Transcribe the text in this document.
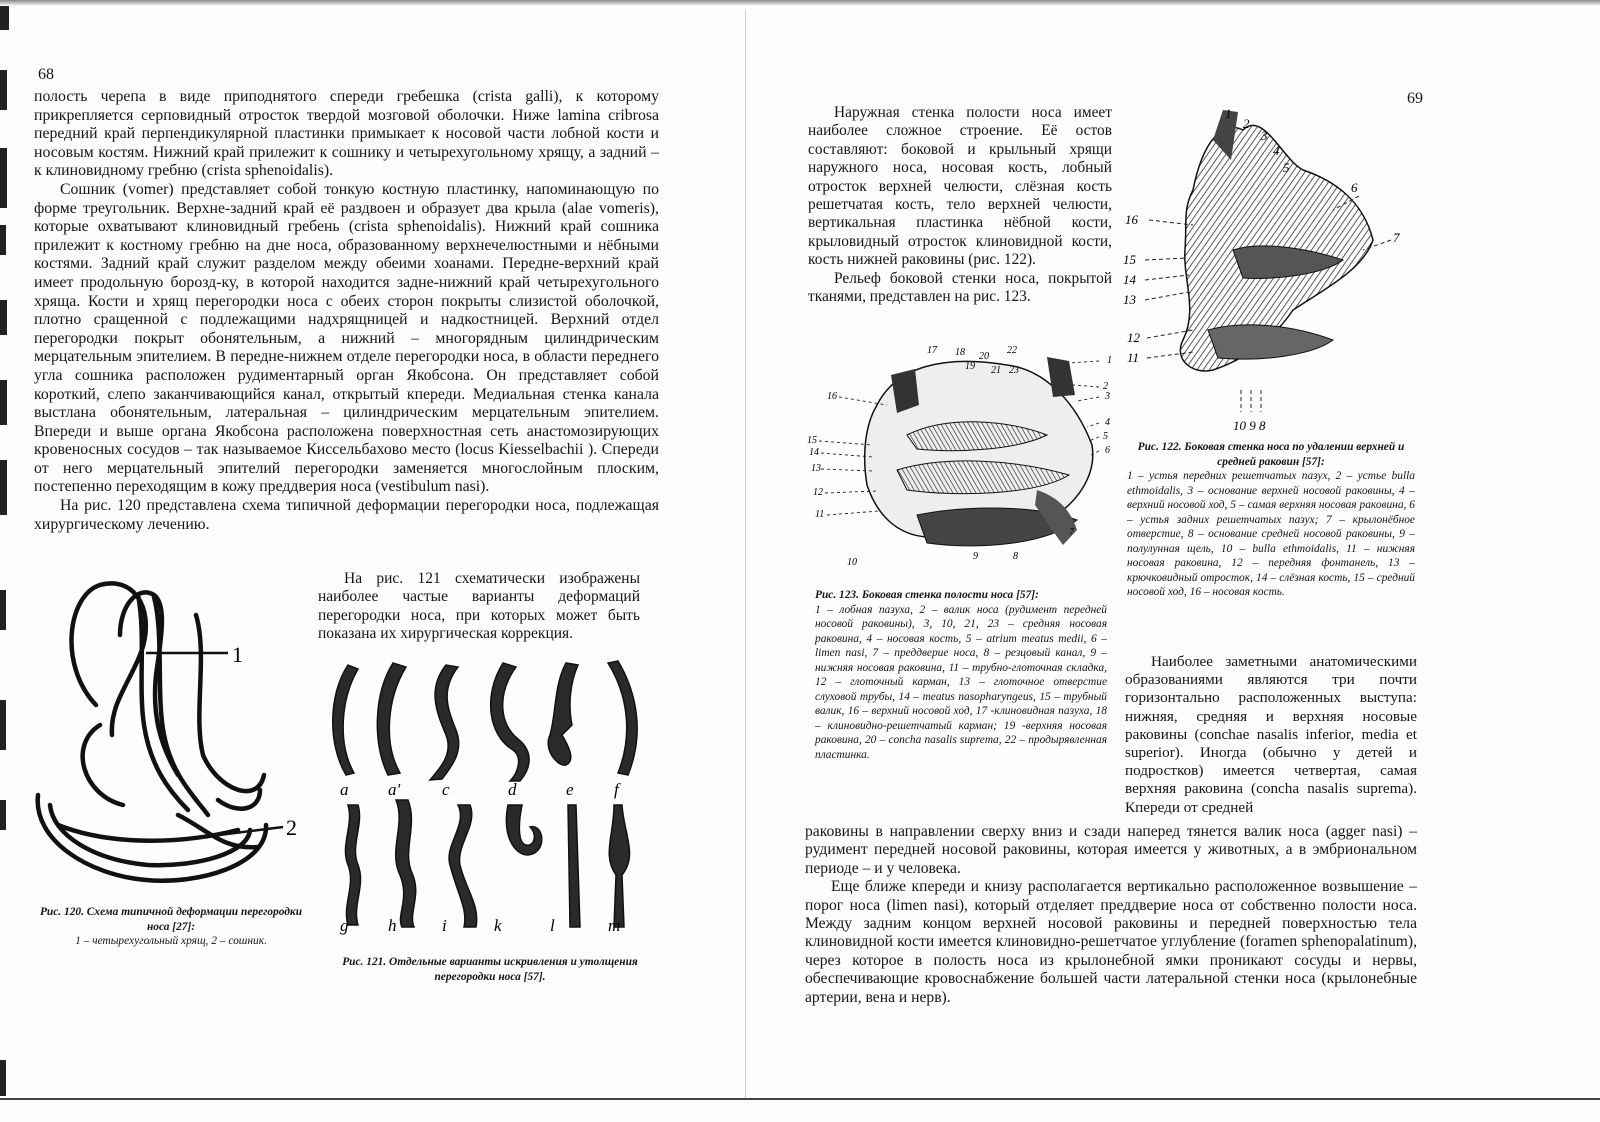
68

полость черепа в виде приподнятого спереди гребешка (crista galli), к которому прикрепляется серповидный отросток твердой мозговой оболочки. Ниже lamina cribrosa передний край перпендикулярной пластинки примыкает к носовой части лобной кости и носовым костям. Нижний край прилежит к сошнику и четырехугольному хрящу, а задний – к клиновидному гребню (crista sphenoidalis).

Сошник (vomer) представляет собой тонкую костную пластинку, напоминающую по форме треугольник. Верхне-задний край её раздвоен и образует два крыла (alae vomeris), которые охватывают клиновидный гребень (crista sphenoidalis). Нижний край сошника прилежит к костному гребню на дне носа, образованному верхнечелюстными и нёбными костями. Задний край служит разделом между обеими хоанами. Передне-верхний край имеет продольную борозд-ку, в которой находится задне-нижний край четырехугольного хряща. Кости и хрящ перегородки носа с обеих сторон покрыты слизистой оболочкой, плотно сращенной с подлежащими надхрящницей и надкостницей. Верхний отдел перегородки покрыт обонятельным, а нижний – многорядным цилиндрическим мерцательным эпителием. В передне-нижнем отделе перегородки носа, в области переднего угла сошника расположен рудиментарный орган Якобсона. Он представляет собой короткий, слепо заканчивающийся канал, открытый кпереди. Медиальная стенка канала выстлана обонятельным, латеральная – цилиндрическим мерцательным эпителием. Впереди и выше органа Якобсона расположена поверхностная сеть анастомозирующих кровеносных сосудов – так называемое Киссельбахово место (locus Kiesselbachii ). Спереди от него мерцательный эпителий перегородки заменяется многослойным плоским, постепенно переходящим в кожу преддверия носа (vestibulum nasi).

На рис. 120 представлена схема типичной деформации перегородки носа, подлежащая хирургическому лечению.

На рис. 121 схематически изображены наиболее частые варианты деформаций перегородки носа, при которых может быть показана их хирургическая коррекция.

1
2
Рис. 120. Схема типичной деформации перегородки носа [27]:
1 – четырехугольный хрящ, 2 – сошник.
a a' c	d	e f
g h	i	k	l	m
Рис. 121. Отдельные варианты искривления и утолщения перегородки носа [57].
69

Наружная стенка полости носа имеет наиболее сложное строение. Её остов составляют: боковой и крыльный хрящи наружного носа, носовая кость, лобный отросток верхней челюсти, слёзная кость решетчатая кость, тело верхней челюсти, вертикальная пластинка нёбной кости, крыловидный отросток клиновидной кости, кость нижней раковины (рис. 122).

Рельеф боковой стенки носа, покрытой тканями, представлен на рис. 123.

1
2
3
4
5
6
7
16
15
14
13
12
11
10 9 8
Рис. 122. Боковая стенка носа по удалении верхней и средней раковин [57]:
1 – устья передних решетчатых пазух, 2 – устье bulla ethmoidalis, 3 – основание верхней носовой раковины, 4 – верхний носовой ход, 5 – самая верхняя носовая раковина, 6 – устья задних решетчатых пазух; 7 – крылонёбное отверстие, 8 – основание средней носовой раковины, 9 – полулунная щель, 10 – bulla ethmoidalis, 11 – нижняя носовая раковина, 12 – передняя фонтанель, 13 – крючковидный отросток, 14 – слёзная кость, 15 – средний носовой ход, 16 – носовая кость.
17 18 20
22
19 21 23
16
15
14
13
12
11
1
2
3
4
5
6
7
10
9	8
Рис. 123. Боковая стенка полости носа [57]:
1 – лобная пазуха, 2 – валик носа (рудимент передней носовой раковины), 3, 10, 21, 23 – средняя носовая раковина, 4 – носовая кость, 5 – atrium meatus medii, 6 – limen nasi, 7 – преддверие носа, 8 – резцовый канал, 9 – нижняя носовая раковина, 11 – трубно-глоточная складка, 12 – глоточный карман, 13 – глоточное отверстие слуховой трубы, 14 – meatus nasopharyngeus, 15 – трубный валик, 16 – верхний носовой ход, 17 -клиновидная пазуха, 18 – клиновидно-решетчатый карман; 19 -верхняя носовая раковина, 20 – concha nasalis suprema, 22 – продырявленная пластинка.

Наиболее заметными анатомическими образованиями являются три почти горизонтально расположенных выступа: нижняя, средняя и верхняя носовые раковины (conchae nasalis inferior, media et superior). Иногда (обычно у детей и подростков) имеется четвертая, самая верхняя раковина (concha nasalis suprema). Кпереди от средней

раковины в направлении сверху вниз и сзади наперед тянется валик носа (agger nasi) – рудимент передней носовой раковины, которая имеется у животных, а в эмбриональном периоде – и у человека.

Еще ближе кпереди и книзу располагается вертикально расположенное возвышение – порог носа (limen nasi), который отделяет преддверие носа от собственно полости носа. Между задним концом верхней носовой раковины и передней поверхностью тела клиновидной кости имеется клиновидно-решетчатое углубление (foramen sphenopalatinum), через которое в полость носа из крылонебной ямки проникают сосуды и нервы, обеспечивающие кровоснабжение большей части латеральной стенки носа (крылонебные артерии, вена и нерв).
